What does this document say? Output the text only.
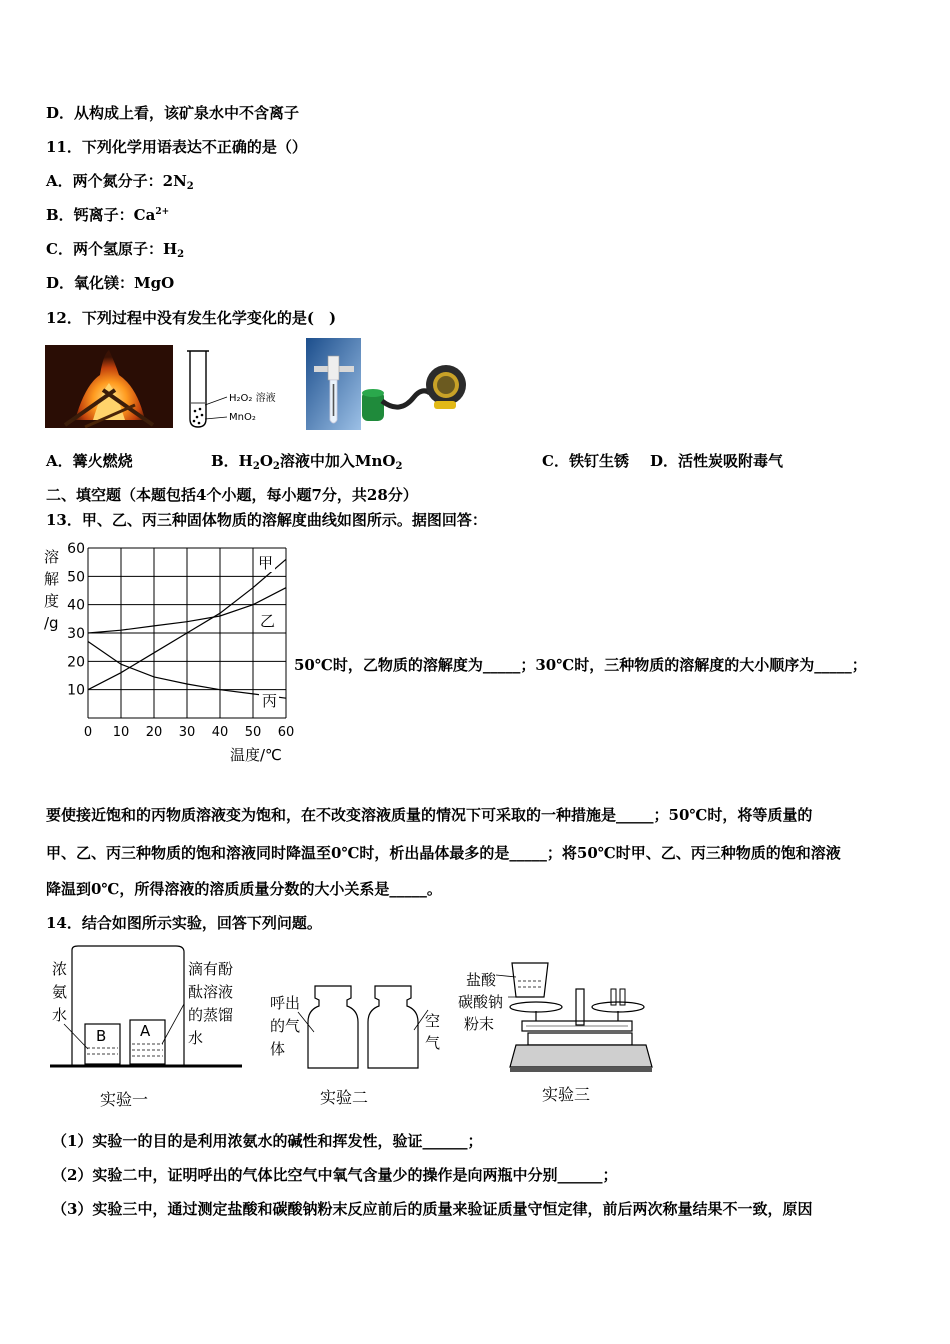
D．从构成上看，该矿泉水中不含离子
11．下列化学用语表达不正确的是（）
A．两个氮分子：$2N_2$
B．钙离子：$Ca^{2+}$
C．两个氢原子：$H_2$
D．氧化镁：MgO
12．下列过程中没有发生化学变化的是(　)
H₂O₂ 溶液
MnO₂
A．篝火燃烧	B．$H_2O_2$溶液中加入MnO$_2$	C．铁钉生锈 D．活性炭吸附毒气
二、填空题（本题包括4个小题，每小题7分，共28分）
13．甲、乙、丙三种固体物质的溶解度曲线如图所示。据图回答：
0 10 20 30 40 50 60
10
20
30
40
50
60
溶
解
度
/g
温度/℃
甲
乙
丙
50℃时，乙物质的溶解度为_____；30℃时，三种物质的溶解度的大小顺序为_____；
要使接近饱和的丙物质溶液变为饱和，在不改变溶液质量的情况下可采取的一种措施是_____；50℃时，将等质量的
甲、乙、丙三种物质的饱和溶液同时降温至0℃时，析出晶体最多的是_____；将50℃时甲、乙、丙三种物质的饱和溶液
降温到0℃，所得溶液的溶质质量分数的大小关系是_____。
14．结合如图所示实验，回答下列问题。
B A
浓
氨
水
滴有酚
酞溶液
的蒸馏
水
实验一
呼出
的气
体
空
气
实验二
盐酸
碳酸钠
粉末
实验三
（1）实验一的目的是利用浓氨水的碱性和挥发性，验证______；
（2）实验二中，证明呼出的气体比空气中氧气含量少的操作是向两瓶中分别______；
（3）实验三中，通过测定盐酸和碳酸钠粉末反应前后的质量来验证质量守恒定律，前后两次称量结果不一致，原因
